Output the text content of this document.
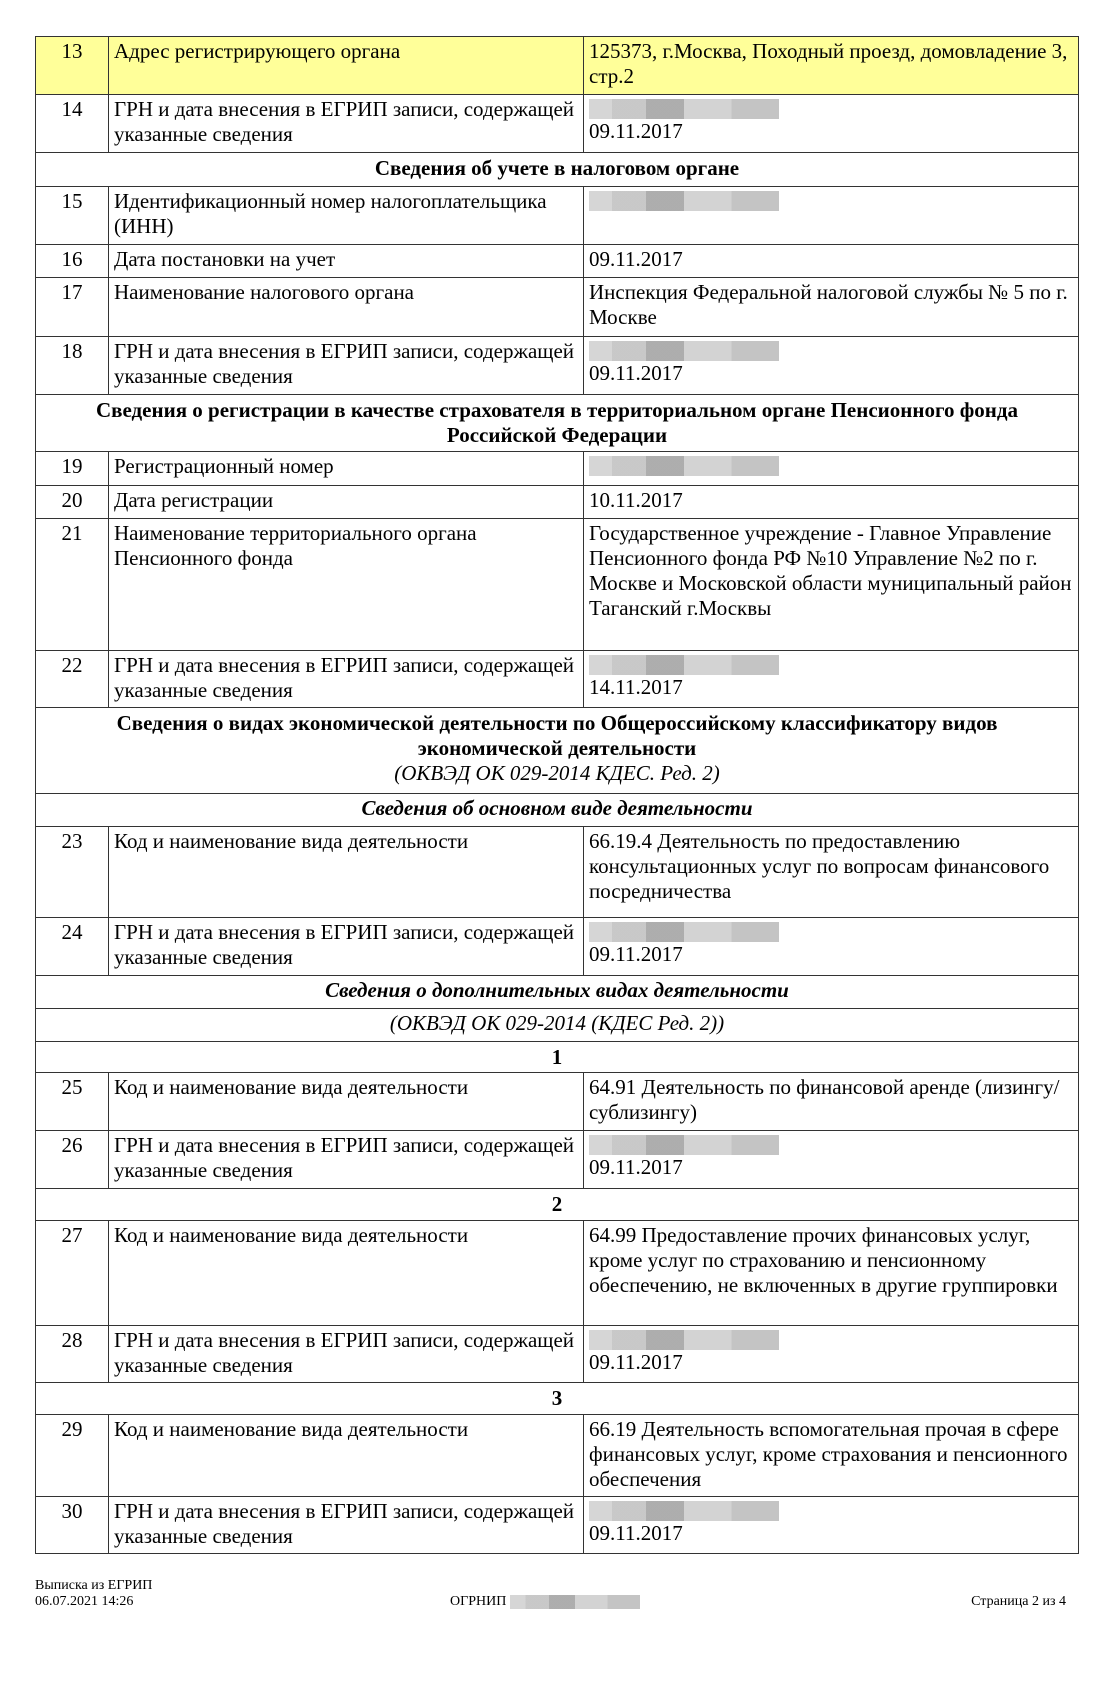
13	Адрес регистрирующего органа	125373, г.Москва, Походный проезд, домовладение 3, стр.2
14	ГРН и дата внесения в ЕГРИП записи, содержащей указанные сведения	09.11.2017
Сведения об учете в налоговом органе		
15	Идентификационный номер налогоплательщика (ИНН)	

16	Дата постановки на учет	09.11.2017
17	Наименование налогового органа	Инспекция Федеральной налоговой службы № 5 по г. Москве
18	ГРН и дата внесения в ЕГРИП записи, содержащей указанные сведения	09.11.2017
Сведения о регистрации в качестве страхователя в территориальном органе Пенсионного фонда Российской Федерации		
19	Регистрационный номер	

20	Дата регистрации	10.11.2017
21	Наименование территориального органа Пенсионного фонда	Государственное учреждение - Главное Управление Пенсионного фонда РФ №10 Управление №2 по г. Москве и Московской области муниципальный район Таганский г.Москвы
22	ГРН и дата внесения в ЕГРИП записи, содержащей указанные сведения	14.11.2017
Сведения о видах экономической деятельности по Общероссийскому классификатору видов экономической деятельности
(ОКВЭД ОК 029-2014 КДЕС. Ред. 2)		
Сведения об основном виде деятельности		
23	Код и наименование вида деятельности	66.19.4 Деятельность по предоставлению консультационных услуг по вопросам финансового посредничества
24	ГРН и дата внесения в ЕГРИП записи, содержащей указанные сведения	09.11.2017
Сведения о дополнительных видах деятельности		
(ОКВЭД ОК 029-2014 (КДЕС Ред. 2))		
1		
25	Код и наименование вида деятельности	64.91 Деятельность по финансовой аренде (лизингу/сублизингу)
26	ГРН и дата внесения в ЕГРИП записи, содержащей указанные сведения	09.11.2017
2		
27	Код и наименование вида деятельности	64.99 Предоставление прочих финансовых услуг, кроме услуг по страхованию и пенсионному обеспечению, не включенных в другие группировки
28	ГРН и дата внесения в ЕГРИП записи, содержащей указанные сведения	09.11.2017
3		
29	Код и наименование вида деятельности	66.19 Деятельность вспомогательная прочая в сфере финансовых услуг, кроме страхования и пенсионного обеспечения
30	ГРН и дата внесения в ЕГРИП записи, содержащей указанные сведения	09.11.2017
Выписка из ЕГРИП
06.07.2021 14:26	ОГРНИП	Страница 2 из 4
